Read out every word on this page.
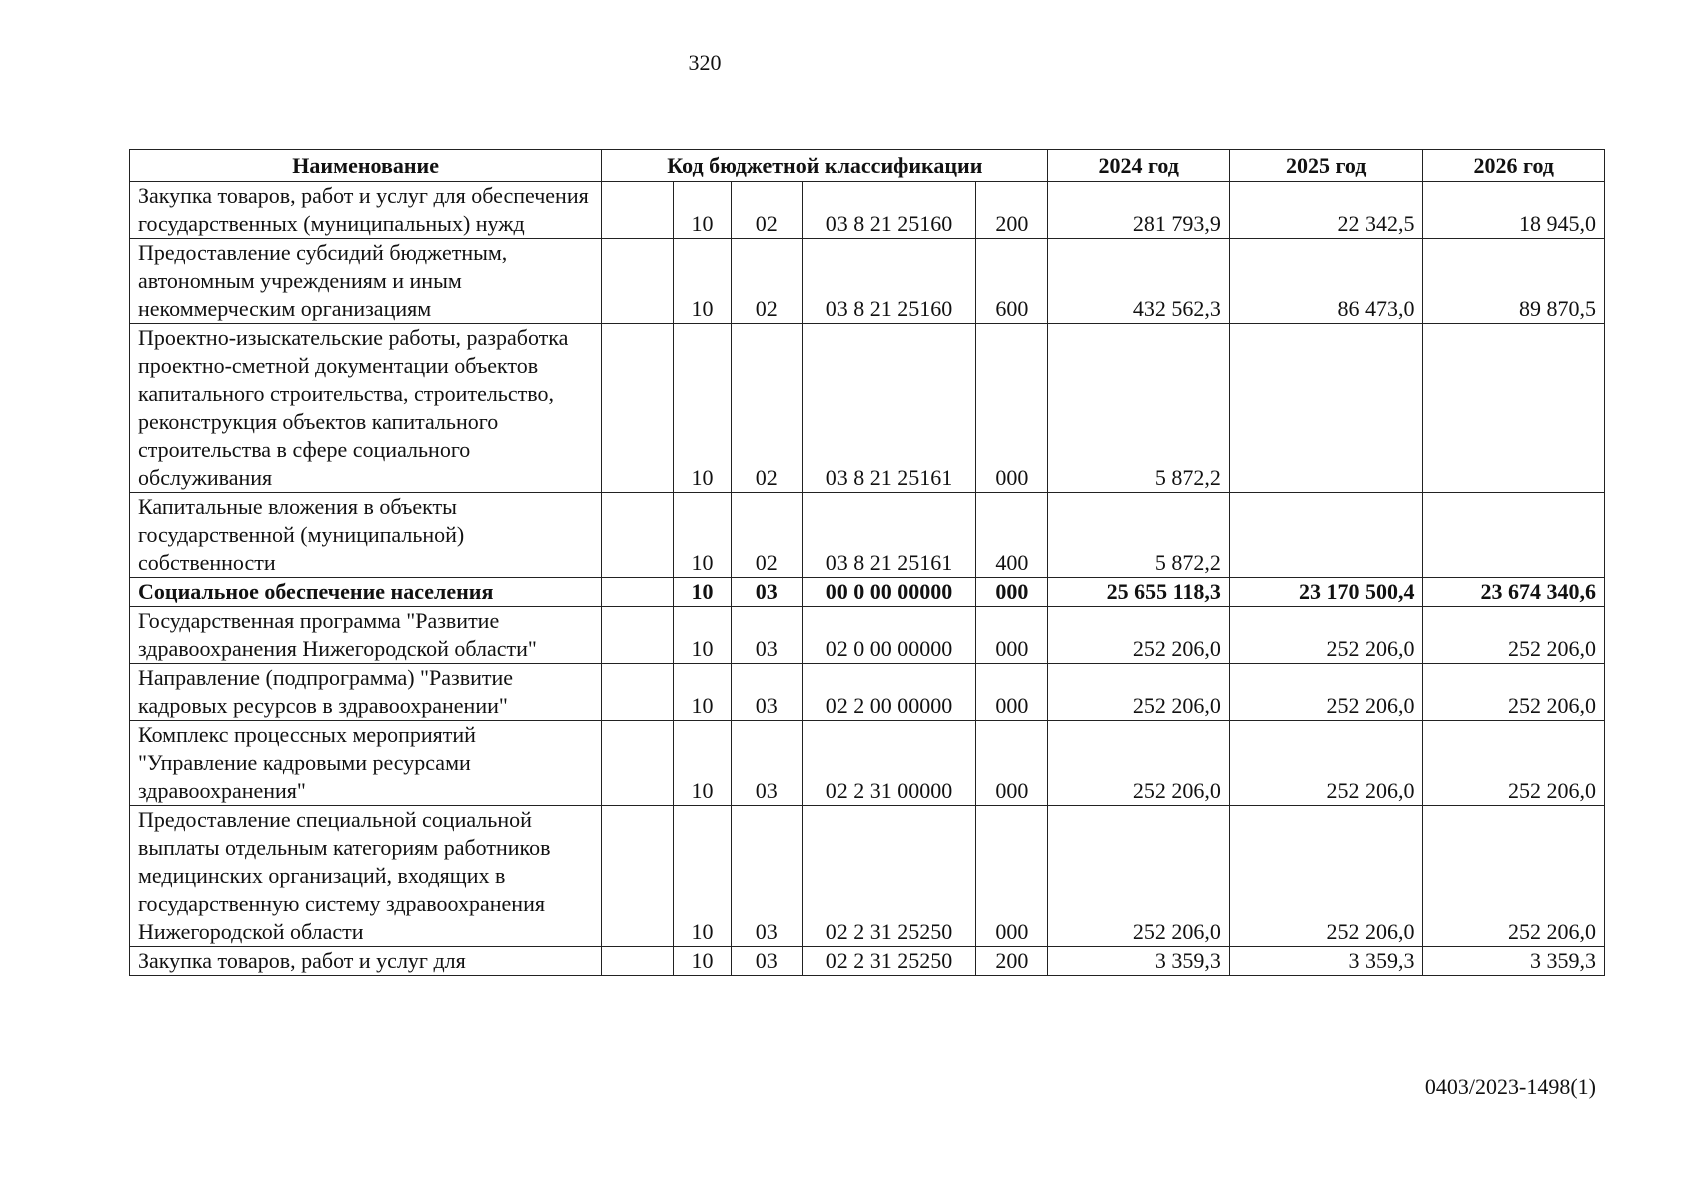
320
Наименование	Код бюджетной классификации					2024 год	2025 год	2026 год
Закупка товаров, работ и услуг для обеспечения государственных (муниципальных) нужд		10	02	03 8 21 25160	200	281 793,9	22 342,5	18 945,0
Предоставление субсидий бюджетным, автономным учреждениям и иным некоммерческим организациям		10	02	03 8 21 25160	600	432 562,3	86 473,0	89 870,5
Проектно-изыскательские работы, разработка проектно-сметной документации объектов капитального строительства, строительство, реконструкция объектов капитального строительства в сфере социального обслуживания		10	02	03 8 21 25161	000	5 872,2		
Капитальные вложения в объекты государственной (муниципальной) собственности		10	02	03 8 21 25161	400	5 872,2		
Социальное обеспечение населения		10	03	00 0 00 00000	000	25 655 118,3	23 170 500,4	23 674 340,6
Государственная программа "Развитие здравоохранения Нижегородской области"		10	03	02 0 00 00000	000	252 206,0	252 206,0	252 206,0
Направление (подпрограмма) "Развитие кадровых ресурсов в здравоохранении"		10	03	02 2 00 00000	000	252 206,0	252 206,0	252 206,0
Комплекс процессных мероприятий "Управление кадровыми ресурсами здравоохранения"		10	03	02 2 31 00000	000	252 206,0	252 206,0	252 206,0
Предоставление специальной социальной выплаты отдельным категориям работников медицинских организаций, входящих в государственную систему здравоохранения Нижегородской области		10	03	02 2 31 25250	000	252 206,0	252 206,0	252 206,0
Закупка товаров, работ и услуг для		10	03	02 2 31 25250	200	3 359,3	3 359,3	3 359,3
0403/2023-1498(1)
